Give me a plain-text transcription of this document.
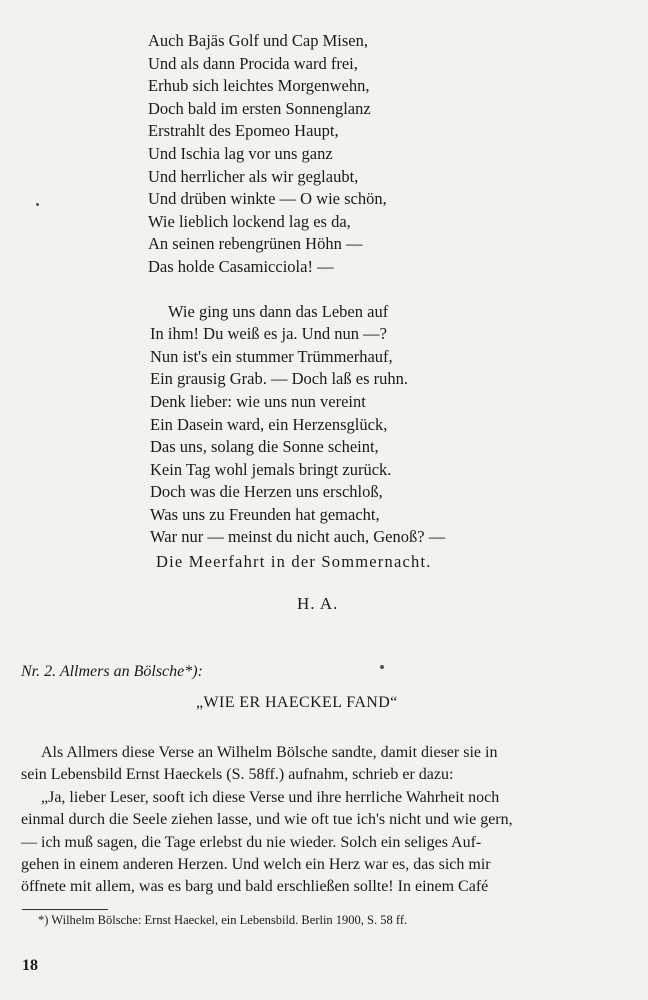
Auch Bajäs Golf und Cap Misen,
Und als dann Procida ward frei,
Erhub sich leichtes Morgenwehn,
Doch bald im ersten Sonnenglanz
Erstrahlt des Epomeo Haupt,
Und Ischia lag vor uns ganz
Und herrlicher als wir geglaubt,
Und drüben winkte — O wie schön,
Wie lieblich lockend lag es da,
An seinen rebengrünen Höhn —
Das holde Casamicciola! —
Wie ging uns dann das Leben auf
In ihm! Du weiß es ja. Und nun —?
Nun ist's ein stummer Trümmerhauf,
Ein grausig Grab. — Doch laß es ruhn.
Denk lieber: wie uns nun vereint
Ein Dasein ward, ein Herzensglück,
Das uns, solang die Sonne scheint,
Kein Tag wohl jemals bringt zurück.
Doch was die Herzen uns erschloß,
Was uns zu Freunden hat gemacht,
War nur — meinst du nicht auch, Genoß? —
Die Meerfahrt in der Sommernacht.
H. A.
Nr. 2. Allmers an Bölsche*):
„WIE ER HAECKEL FAND“
Als Allmers diese Verse an Wilhelm Bölsche sandte, damit dieser sie in
sein Lebensbild Ernst Haeckels (S. 58ff.) aufnahm, schrieb er dazu:
„Ja, lieber Leser, sooft ich diese Verse und ihre herrliche Wahrheit noch
einmal durch die Seele ziehen lasse, und wie oft tue ich's nicht und wie gern,
— ich muß sagen, die Tage erlebst du nie wieder. Solch ein seliges Auf-
gehen in einem anderen Herzen. Und welch ein Herz war es, das sich mir
öffnete mit allem, was es barg und bald erschließen sollte! In einem Café
*) Wilhelm Bölsche: Ernst Haeckel, ein Lebensbild. Berlin 1900, S. 58 ff.
18
